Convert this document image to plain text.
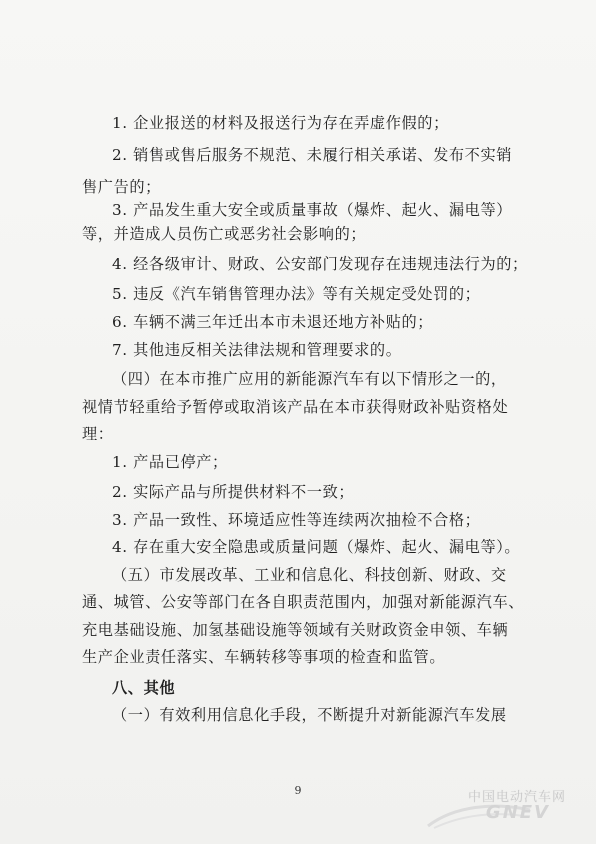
1. 企业报送的材料及报送行为存在弄虚作假的；
2. 销售或售后服务不规范、未履行相关承诺、发布不实销
售广告的；
3. 产品发生重大安全或质量事故（爆炸、起火、漏电等）
等，并造成人员伤亡或恶劣社会影响的；
4. 经各级审计、财政、公安部门发现存在违规违法行为的；
5. 违反《汽车销售管理办法》等有关规定受处罚的；
6. 车辆不满三年迁出本市未退还地方补贴的；
7. 其他违反相关法律法规和管理要求的。
（四）在本市推广应用的新能源汽车有以下情形之一的，
视情节轻重给予暂停或取消该产品在本市获得财政补贴资格处
理：
1. 产品已停产；
2. 实际产品与所提供材料不一致；
3. 产品一致性、环境适应性等连续两次抽检不合格；
4. 存在重大安全隐患或质量问题（爆炸、起火、漏电等）。
（五）市发展改革、工业和信息化、科技创新、财政、交
通、城管、公安等部门在各自职责范围内，加强对新能源汽车、
充电基础设施、加氢基础设施等领域有关财政资金申领、车辆
生产企业责任落实、车辆转移等事项的检查和监管。
八、其他
（一）有效利用信息化手段，不断提升对新能源汽车发展
9	中国电动汽车网
GNEV
